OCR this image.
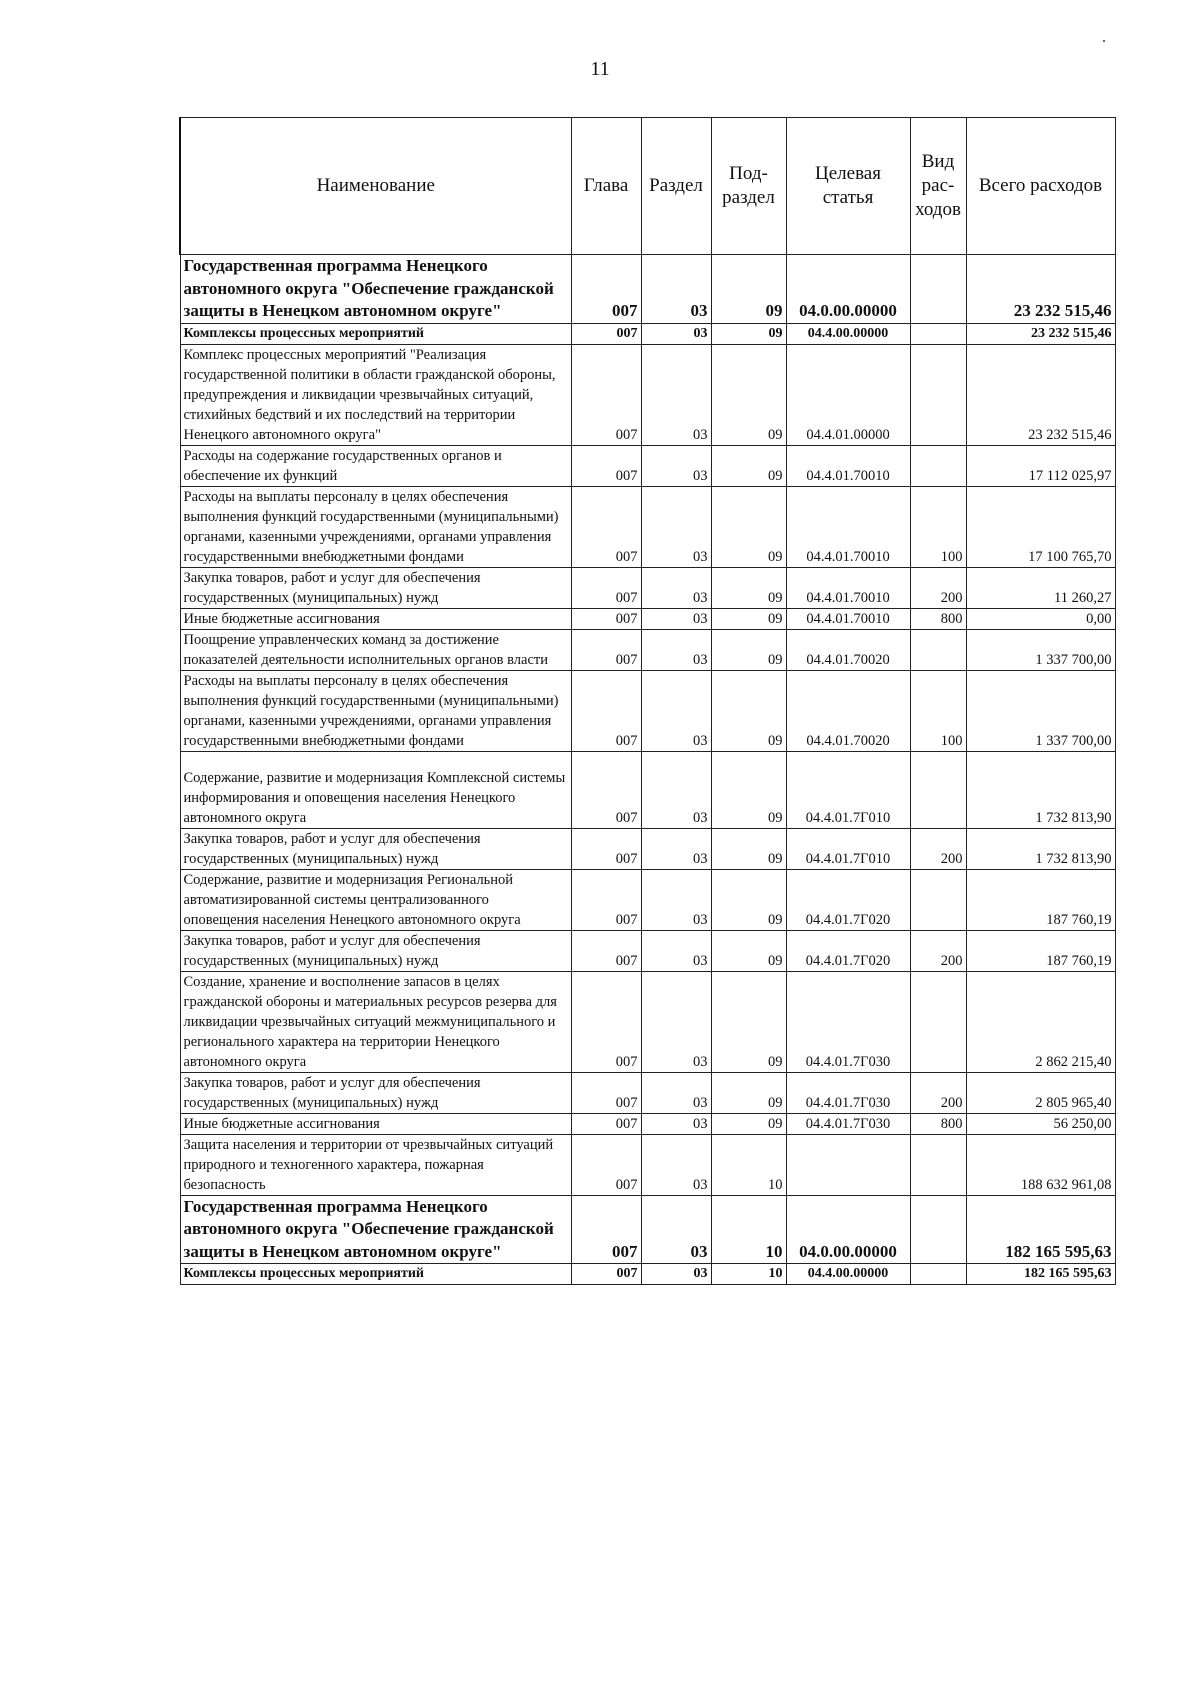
11
Наименование	Глава	Раздел	Под- раздел	Целевая статья	Вид рас- ходов	Всего расходов
Государственная программа Ненецкого автономного округа "Обеспечение гражданской защиты в Ненецком автономном округе"	007	03	09	04.0.00.00000		23 232 515,46
Комплексы процессных мероприятий	007	03	09	04.4.00.00000		23 232 515,46
Комплекс процессных мероприятий "Реализация государственной политики в области гражданской обороны, предупреждения и ликвидации чрезвычайных ситуаций, стихийных бедствий и их последствий на территории Ненецкого автономного округа"	007	03	09	04.4.01.00000		23 232 515,46
Расходы на содержание государственных органов и обеспечение их функций	007	03	09	04.4.01.70010		17 112 025,97
Расходы на выплаты персоналу в целях обеспечения выполнения функций государственными (муниципальными) органами, казенными учреждениями, органами управления государственными внебюджетными фондами	007	03	09	04.4.01.70010	100	17 100 765,70
Закупка товаров, работ и услуг для обеспечения государственных (муниципальных) нужд	007	03	09	04.4.01.70010	200	11 260,27
Иные бюджетные ассигнования	007	03	09	04.4.01.70010	800	0,00
Поощрение управленческих команд за достижение показателей деятельности исполнительных органов власти	007	03	09	04.4.01.70020		1 337 700,00
Расходы на выплаты персоналу в целях обеспечения выполнения функций государственными (муниципальными) органами, казенными учреждениями, органами управления государственными внебюджетными фондами	007	03	09	04.4.01.70020	100	1 337 700,00
Содержание, развитие и модернизация Комплексной системы информирования и оповещения населения Ненецкого автономного округа	007	03	09	04.4.01.7Г010		1 732 813,90
Закупка товаров, работ и услуг для обеспечения государственных (муниципальных) нужд	007	03	09	04.4.01.7Г010	200	1 732 813,90
Содержание, развитие и модернизация Региональной автоматизированной системы централизованного оповещения населения Ненецкого автономного округа	007	03	09	04.4.01.7Г020		187 760,19
Закупка товаров, работ и услуг для обеспечения государственных (муниципальных) нужд	007	03	09	04.4.01.7Г020	200	187 760,19
Создание, хранение и восполнение запасов в целях гражданской обороны и материальных ресурсов резерва для ликвидации чрезвычайных ситуаций межмуниципального и регионального характера на территории Ненецкого автономного округа	007	03	09	04.4.01.7Г030		2 862 215,40
Закупка товаров, работ и услуг для обеспечения государственных (муниципальных) нужд	007	03	09	04.4.01.7Г030	200	2 805 965,40
Иные бюджетные ассигнования	007	03	09	04.4.01.7Г030	800	56 250,00
Защита населения и территории от чрезвычайных ситуаций природного и техногенного характера, пожарная безопасность	007	03	10			188 632 961,08
Государственная программа Ненецкого автономного округа "Обеспечение гражданской защиты в Ненецком автономном округе"	007	03	10	04.0.00.00000		182 165 595,63
Комплексы процессных мероприятий	007	03	10	04.4.00.00000		182 165 595,63
